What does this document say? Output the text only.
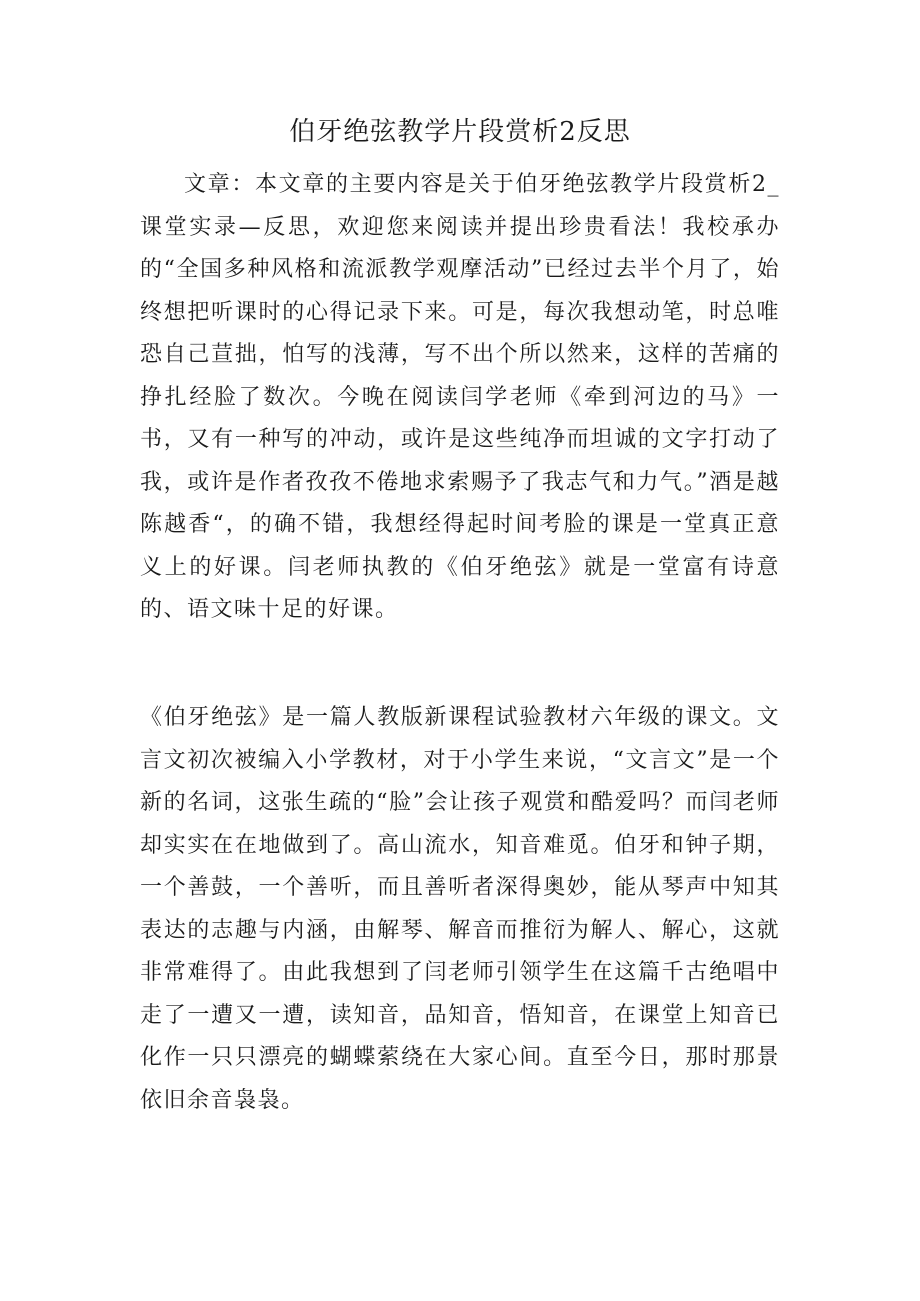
伯牙绝弦教学片段赏析2反思

文章：本文章的主要内容是关于伯牙绝弦教学片段赏析2_课堂实录—反思，欢迎您来阅读并提出珍贵看法！我校承办的“全国多种风格和流派教学观摩活动”已经过去半个月了，始终想把听课时的心得记录下来。可是，每次我想动笔，时总唯恐自己荁拙，怕写的浅薄，写不出个所以然来，这样的苦痛的挣扎经脸了数次。今晚在阅读闫学老师《牵到河边的马》一书，又有一种写的冲动，或许是这些纯净而坦诚的文字打动了我，或许是作者孜孜不倦地求索赐予了我志气和力气。”酒是越陈越香“，的确不错，我想经得起时间考脸的课是一堂真正意义上的好课。闫老师执教的《伯牙绝弦》就是一堂富有诗意的、语文味十足的好课。

《伯牙绝弦》是一篇人教版新课程试验教材六年级的课文。文言文初次被编入小学教材，对于小学生来说，“文言文”是一个新的名词，这张生疏的“脸”会让孩子观赏和酷爱吗？而闫老师却实实在在地做到了。高山流水，知音难觅。伯牙和钟子期，一个善鼓，一个善听，而且善听者深得奥妙，能从琴声中知其表达的志趣与内涵，由解琴、解音而推衍为解人、解心，这就非常难得了。由此我想到了闫老师引领学生在这篇千古绝唱中走了一遭又一遭，读知音，品知音，悟知音，在课堂上知音已化作一只只漂亮的蝴蝶萦绕在大家心间。直至今日，那时那景依旧余音袅袅。
